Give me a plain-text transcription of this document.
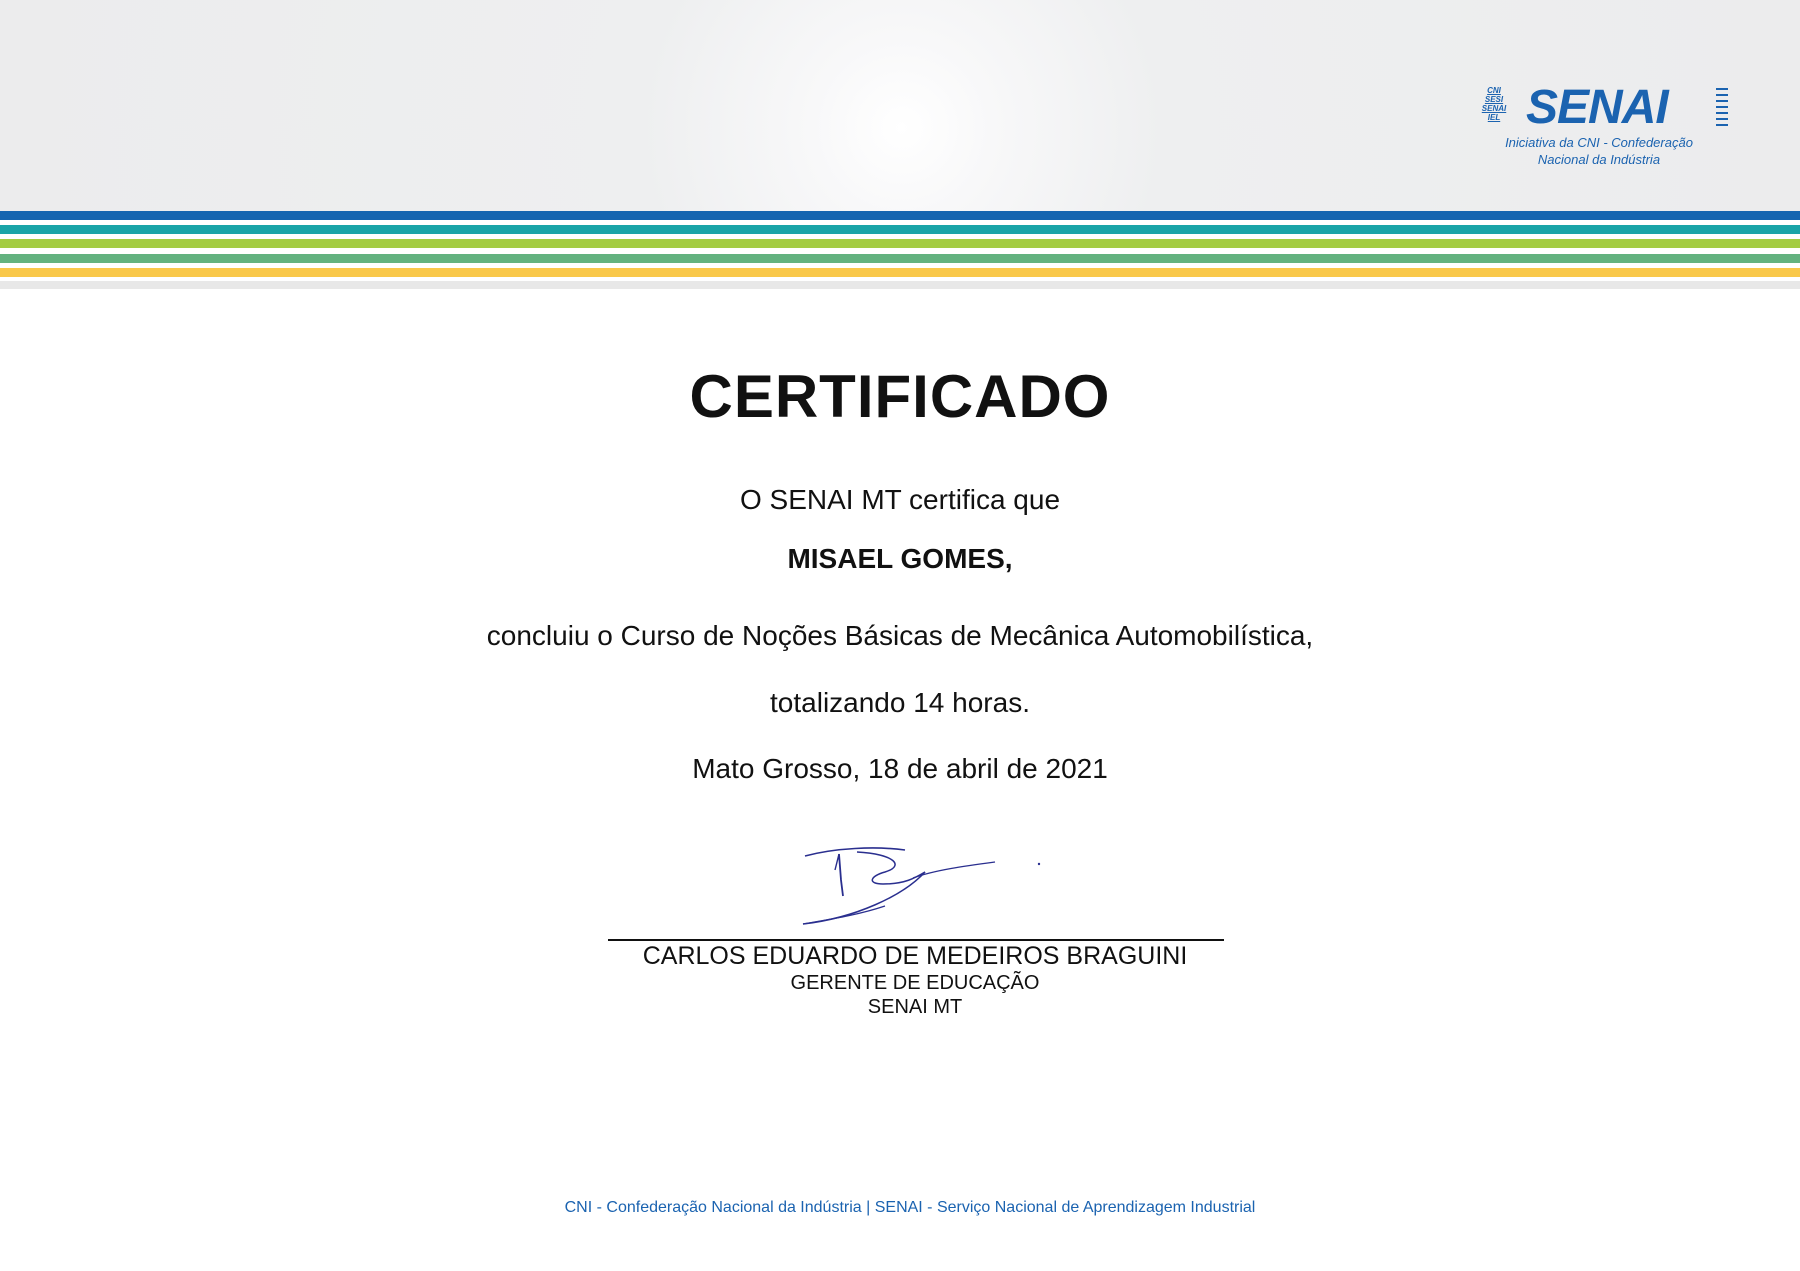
CNI
SESI
SENAI
IEL SENAI
Iniciativa da CNI - Confederação
Nacional da Indústria
CERTIFICADO
O SENAI MT certifica que
MISAEL GOMES,
concluiu o Curso de Noções Básicas de Mecânica Automobilística,
totalizando 14 horas.
Mato Grosso, 18 de abril de 2021
CARLOS EDUARDO DE MEDEIROS BRAGUINI
GERENTE DE EDUCAÇÃO
SENAI MT
CNI - Confederação Nacional da Indústria | SENAI - Serviço Nacional de Aprendizagem Industrial
